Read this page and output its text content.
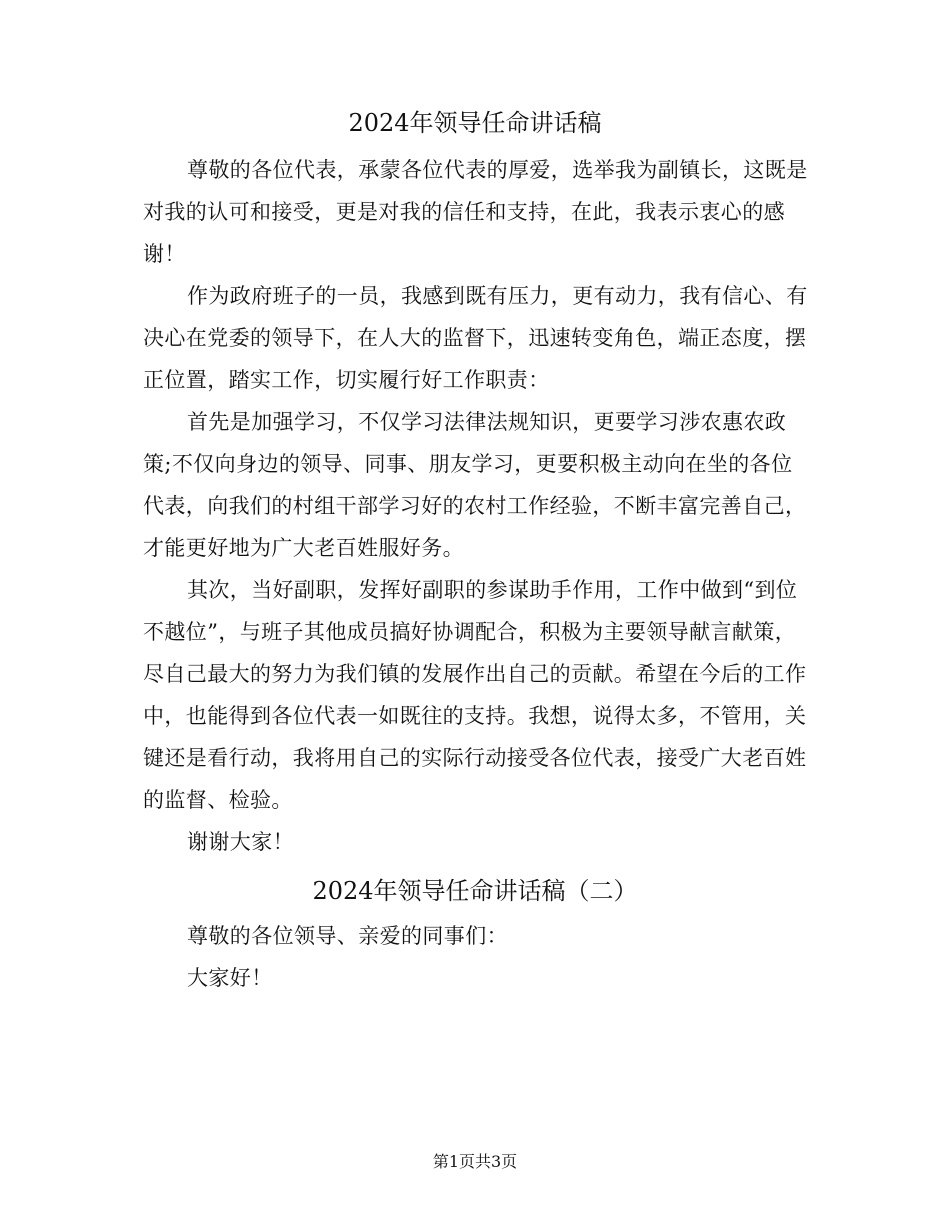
2024年领导任命讲话稿

尊敬的各位代表，承蒙各位代表的厚爱，选举我为副镇长，这既是对我的认可和接受，更是对我的信任和支持，在此，我表示衷心的感谢！

作为政府班子的一员，我感到既有压力，更有动力，我有信心、有决心在党委的领导下，在人大的监督下，迅速转变角色，端正态度，摆正位置，踏实工作，切实履行好工作职责：

首先是加强学习，不仅学习法律法规知识，更要学习涉农惠农政策;不仅向身边的领导、同事、朋友学习，更要积极主动向在坐的各位代表，向我们的村组干部学习好的农村工作经验，不断丰富完善自己，才能更好地为广大老百姓服好务。

其次，当好副职，发挥好副职的参谋助手作用，工作中做到“到位不越位”，与班子其他成员搞好协调配合，积极为主要领导献言献策，尽自己最大的努力为我们镇的发展作出自己的贡献。希望在今后的工作中，也能得到各位代表一如既往的支持。我想，说得太多，不管用，关键还是看行动，我将用自己的实际行动接受各位代表，接受广大老百姓的监督、检验。

谢谢大家！

2024年领导任命讲话稿（二）

尊敬的各位领导、亲爱的同事们：

大家好！

第1页共3页
